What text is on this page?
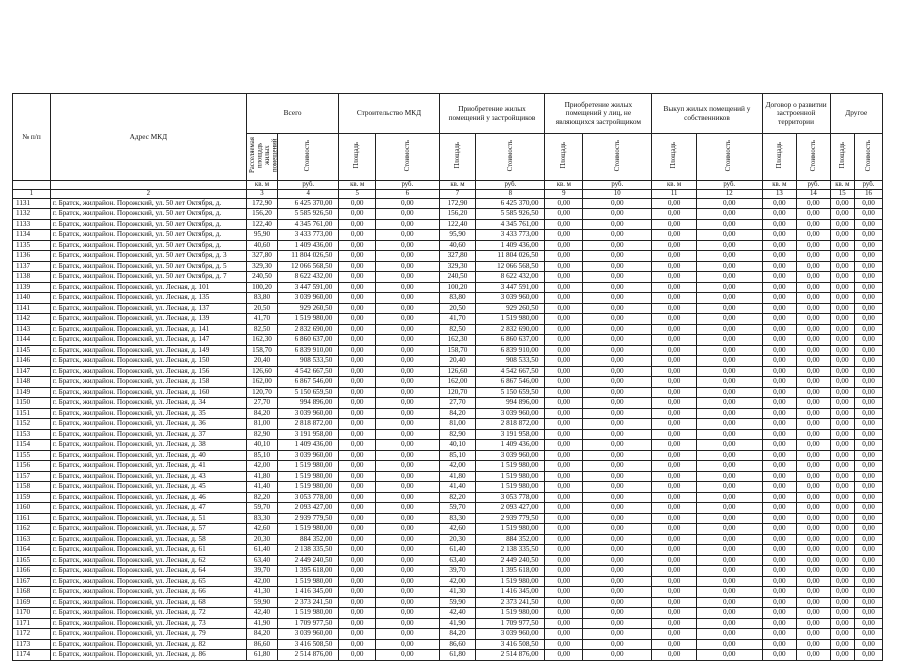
№ п/п	Адрес МКД	Всего		Строительство МКД		Приобретение жилых помещений у застройщиков		Приобретение жилых помещений у лиц, не являющихся застройщиком		Выкуп жилых помещений у собственников		Договор о развитии застроенной территории		Другое	
		Расселяемая площадь жилых помещений	Стоимость	Площадь	Стоимость	Площадь	Стоимость	Площадь	Стоимость	Площадь	Стоимость	Площадь	Стоимость	Площадь	Стоимость
		кв. м	руб.	кв. м	руб.	кв. м	руб.	кв. м	руб.	кв. м	руб.	кв. м	руб.	кв. м	руб.
1	2	3	4	5	6	7	8	9	10	11	12	13	14	15	16
1131	г. Братск, жилрайон. Порожский, ул. 50 лет Октября, д.	172,90	6 425 370,00	0,00	0,00	172,90	6 425 370,00	0,00	0,00	0,00	0,00	0,00	0,00	0,00	0,00
1132	г. Братск, жилрайон. Порожский, ул. 50 лет Октября, д.	156,20	5 585 926,50	0,00	0,00	156,20	5 585 926,50	0,00	0,00	0,00	0,00	0,00	0,00	0,00	0,00
1133	г. Братск, жилрайон. Порожский, ул. 50 лет Октября, д.	122,40	4 345 761,00	0,00	0,00	122,40	4 345 761,00	0,00	0,00	0,00	0,00	0,00	0,00	0,00	0,00
1134	г. Братск, жилрайон. Порожский, ул. 50 лет Октября, д.	95,90	3 433 773,00	0,00	0,00	95,90	3 433 773,00	0,00	0,00	0,00	0,00	0,00	0,00	0,00	0,00
1135	г. Братск, жилрайон. Порожский, ул. 50 лет Октября, д.	40,60	1 409 436,00	0,00	0,00	40,60	1 409 436,00	0,00	0,00	0,00	0,00	0,00	0,00	0,00	0,00
1136	г. Братск, жилрайон. Порожский, ул. 50 лет Октября, д. 3	327,80	11 804 026,50	0,00	0,00	327,80	11 804 026,50	0,00	0,00	0,00	0,00	0,00	0,00	0,00	0,00
1137	г. Братск, жилрайон. Порожский, ул. 50 лет Октября, д. 5	329,30	12 066 568,50	0,00	0,00	329,30	12 066 568,50	0,00	0,00	0,00	0,00	0,00	0,00	0,00	0,00
1138	г. Братск, жилрайон. Порожский, ул. 50 лет Октября, д. 7	240,50	8 622 432,00	0,00	0,00	240,50	8 622 432,00	0,00	0,00	0,00	0,00	0,00	0,00	0,00	0,00
1139	г. Братск, жилрайон. Порожский, ул. Лесная, д. 101	100,20	3 447 591,00	0,00	0,00	100,20	3 447 591,00	0,00	0,00	0,00	0,00	0,00	0,00	0,00	0,00
1140	г. Братск, жилрайон. Порожский, ул. Лесная, д. 135	83,80	3 039 960,00	0,00	0,00	83,80	3 039 960,00	0,00	0,00	0,00	0,00	0,00	0,00	0,00	0,00
1141	г. Братск, жилрайон. Порожский, ул. Лесная, д. 137	20,50	929 260,50	0,00	0,00	20,50	929 260,50	0,00	0,00	0,00	0,00	0,00	0,00	0,00	0,00
1142	г. Братск, жилрайон. Порожский, ул. Лесная, д. 139	41,70	1 519 980,00	0,00	0,00	41,70	1 519 980,00	0,00	0,00	0,00	0,00	0,00	0,00	0,00	0,00
1143	г. Братск, жилрайон. Порожский, ул. Лесная, д. 141	82,50	2 832 690,00	0,00	0,00	82,50	2 832 690,00	0,00	0,00	0,00	0,00	0,00	0,00	0,00	0,00
1144	г. Братск, жилрайон. Порожский, ул. Лесная, д. 147	162,30	6 860 637,00	0,00	0,00	162,30	6 860 637,00	0,00	0,00	0,00	0,00	0,00	0,00	0,00	0,00
1145	г. Братск, жилрайон. Порожский, ул. Лесная, д. 149	158,70	6 839 910,00	0,00	0,00	158,70	6 839 910,00	0,00	0,00	0,00	0,00	0,00	0,00	0,00	0,00
1146	г. Братск, жилрайон. Порожский, ул. Лесная, д. 150	20,40	908 533,50	0,00	0,00	20,40	908 533,50	0,00	0,00	0,00	0,00	0,00	0,00	0,00	0,00
1147	г. Братск, жилрайон. Порожский, ул. Лесная, д. 156	126,60	4 542 667,50	0,00	0,00	126,60	4 542 667,50	0,00	0,00	0,00	0,00	0,00	0,00	0,00	0,00
1148	г. Братск, жилрайон. Порожский, ул. Лесная, д. 158	162,00	6 867 546,00	0,00	0,00	162,00	6 867 546,00	0,00	0,00	0,00	0,00	0,00	0,00	0,00	0,00
1149	г. Братск, жилрайон. Порожский, ул. Лесная, д. 160	120,70	5 150 659,50	0,00	0,00	120,70	5 150 659,50	0,00	0,00	0,00	0,00	0,00	0,00	0,00	0,00
1150	г. Братск, жилрайон. Порожский, ул. Лесная, д. 34	27,70	994 896,00	0,00	0,00	27,70	994 896,00	0,00	0,00	0,00	0,00	0,00	0,00	0,00	0,00
1151	г. Братск, жилрайон. Порожский, ул. Лесная, д. 35	84,20	3 039 960,00	0,00	0,00	84,20	3 039 960,00	0,00	0,00	0,00	0,00	0,00	0,00	0,00	0,00
1152	г. Братск, жилрайон. Порожский, ул. Лесная, д. 36	81,00	2 818 872,00	0,00	0,00	81,00	2 818 872,00	0,00	0,00	0,00	0,00	0,00	0,00	0,00	0,00
1153	г. Братск, жилрайон. Порожский, ул. Лесная, д. 37	82,90	3 191 958,00	0,00	0,00	82,90	3 191 958,00	0,00	0,00	0,00	0,00	0,00	0,00	0,00	0,00
1154	г. Братск, жилрайон. Порожский, ул. Лесная, д. 38	40,10	1 409 436,00	0,00	0,00	40,10	1 409 436,00	0,00	0,00	0,00	0,00	0,00	0,00	0,00	0,00
1155	г. Братск, жилрайон. Порожский, ул. Лесная, д. 40	85,10	3 039 960,00	0,00	0,00	85,10	3 039 960,00	0,00	0,00	0,00	0,00	0,00	0,00	0,00	0,00
1156	г. Братск, жилрайон. Порожский, ул. Лесная, д. 41	42,00	1 519 980,00	0,00	0,00	42,00	1 519 980,00	0,00	0,00	0,00	0,00	0,00	0,00	0,00	0,00
1157	г. Братск, жилрайон. Порожский, ул. Лесная, д. 43	41,80	1 519 980,00	0,00	0,00	41,80	1 519 980,00	0,00	0,00	0,00	0,00	0,00	0,00	0,00	0,00
1158	г. Братск, жилрайон. Порожский, ул. Лесная, д. 45	41,40	1 519 980,00	0,00	0,00	41,40	1 519 980,00	0,00	0,00	0,00	0,00	0,00	0,00	0,00	0,00
1159	г. Братск, жилрайон. Порожский, ул. Лесная, д. 46	82,20	3 053 778,00	0,00	0,00	82,20	3 053 778,00	0,00	0,00	0,00	0,00	0,00	0,00	0,00	0,00
1160	г. Братск, жилрайон. Порожский, ул. Лесная, д. 47	59,70	2 093 427,00	0,00	0,00	59,70	2 093 427,00	0,00	0,00	0,00	0,00	0,00	0,00	0,00	0,00
1161	г. Братск, жилрайон. Порожский, ул. Лесная, д. 51	83,30	2 939 779,50	0,00	0,00	83,30	2 939 779,50	0,00	0,00	0,00	0,00	0,00	0,00	0,00	0,00
1162	г. Братск, жилрайон. Порожский, ул. Лесная, д. 57	42,60	1 519 980,00	0,00	0,00	42,60	1 519 980,00	0,00	0,00	0,00	0,00	0,00	0,00	0,00	0,00
1163	г. Братск, жилрайон. Порожский, ул. Лесная, д. 58	20,30	884 352,00	0,00	0,00	20,30	884 352,00	0,00	0,00	0,00	0,00	0,00	0,00	0,00	0,00
1164	г. Братск, жилрайон. Порожский, ул. Лесная, д. 61	61,40	2 138 335,50	0,00	0,00	61,40	2 138 335,50	0,00	0,00	0,00	0,00	0,00	0,00	0,00	0,00
1165	г. Братск, жилрайон. Порожский, ул. Лесная, д. 62	63,40	2 449 240,50	0,00	0,00	63,40	2 449 240,50	0,00	0,00	0,00	0,00	0,00	0,00	0,00	0,00
1166	г. Братск, жилрайон. Порожский, ул. Лесная, д. 64	39,70	1 395 618,00	0,00	0,00	39,70	1 395 618,00	0,00	0,00	0,00	0,00	0,00	0,00	0,00	0,00
1167	г. Братск, жилрайон. Порожский, ул. Лесная, д. 65	42,00	1 519 980,00	0,00	0,00	42,00	1 519 980,00	0,00	0,00	0,00	0,00	0,00	0,00	0,00	0,00
1168	г. Братск, жилрайон. Порожский, ул. Лесная, д. 66	41,30	1 416 345,00	0,00	0,00	41,30	1 416 345,00	0,00	0,00	0,00	0,00	0,00	0,00	0,00	0,00
1169	г. Братск, жилрайон. Порожский, ул. Лесная, д. 68	59,90	2 373 241,50	0,00	0,00	59,90	2 373 241,50	0,00	0,00	0,00	0,00	0,00	0,00	0,00	0,00
1170	г. Братск, жилрайон. Порожский, ул. Лесная, д. 72	42,40	1 519 980,00	0,00	0,00	42,40	1 519 980,00	0,00	0,00	0,00	0,00	0,00	0,00	0,00	0,00
1171	г. Братск, жилрайон. Порожский, ул. Лесная, д. 73	41,90	1 709 977,50	0,00	0,00	41,90	1 709 977,50	0,00	0,00	0,00	0,00	0,00	0,00	0,00	0,00
1172	г. Братск, жилрайон. Порожский, ул. Лесная, д. 79	84,20	3 039 960,00	0,00	0,00	84,20	3 039 960,00	0,00	0,00	0,00	0,00	0,00	0,00	0,00	0,00
1173	г. Братск, жилрайон. Порожский, ул. Лесная, д. 82	86,60	3 416 508,50	0,00	0,00	86,60	3 416 508,50	0,00	0,00	0,00	0,00	0,00	0,00	0,00	0,00
1174	г. Братск, жилрайон. Порожский, ул. Лесная, д. 86	61,80	2 514 876,00	0,00	0,00	61,80	2 514 876,00	0,00	0,00	0,00	0,00	0,00	0,00	0,00	0,00
